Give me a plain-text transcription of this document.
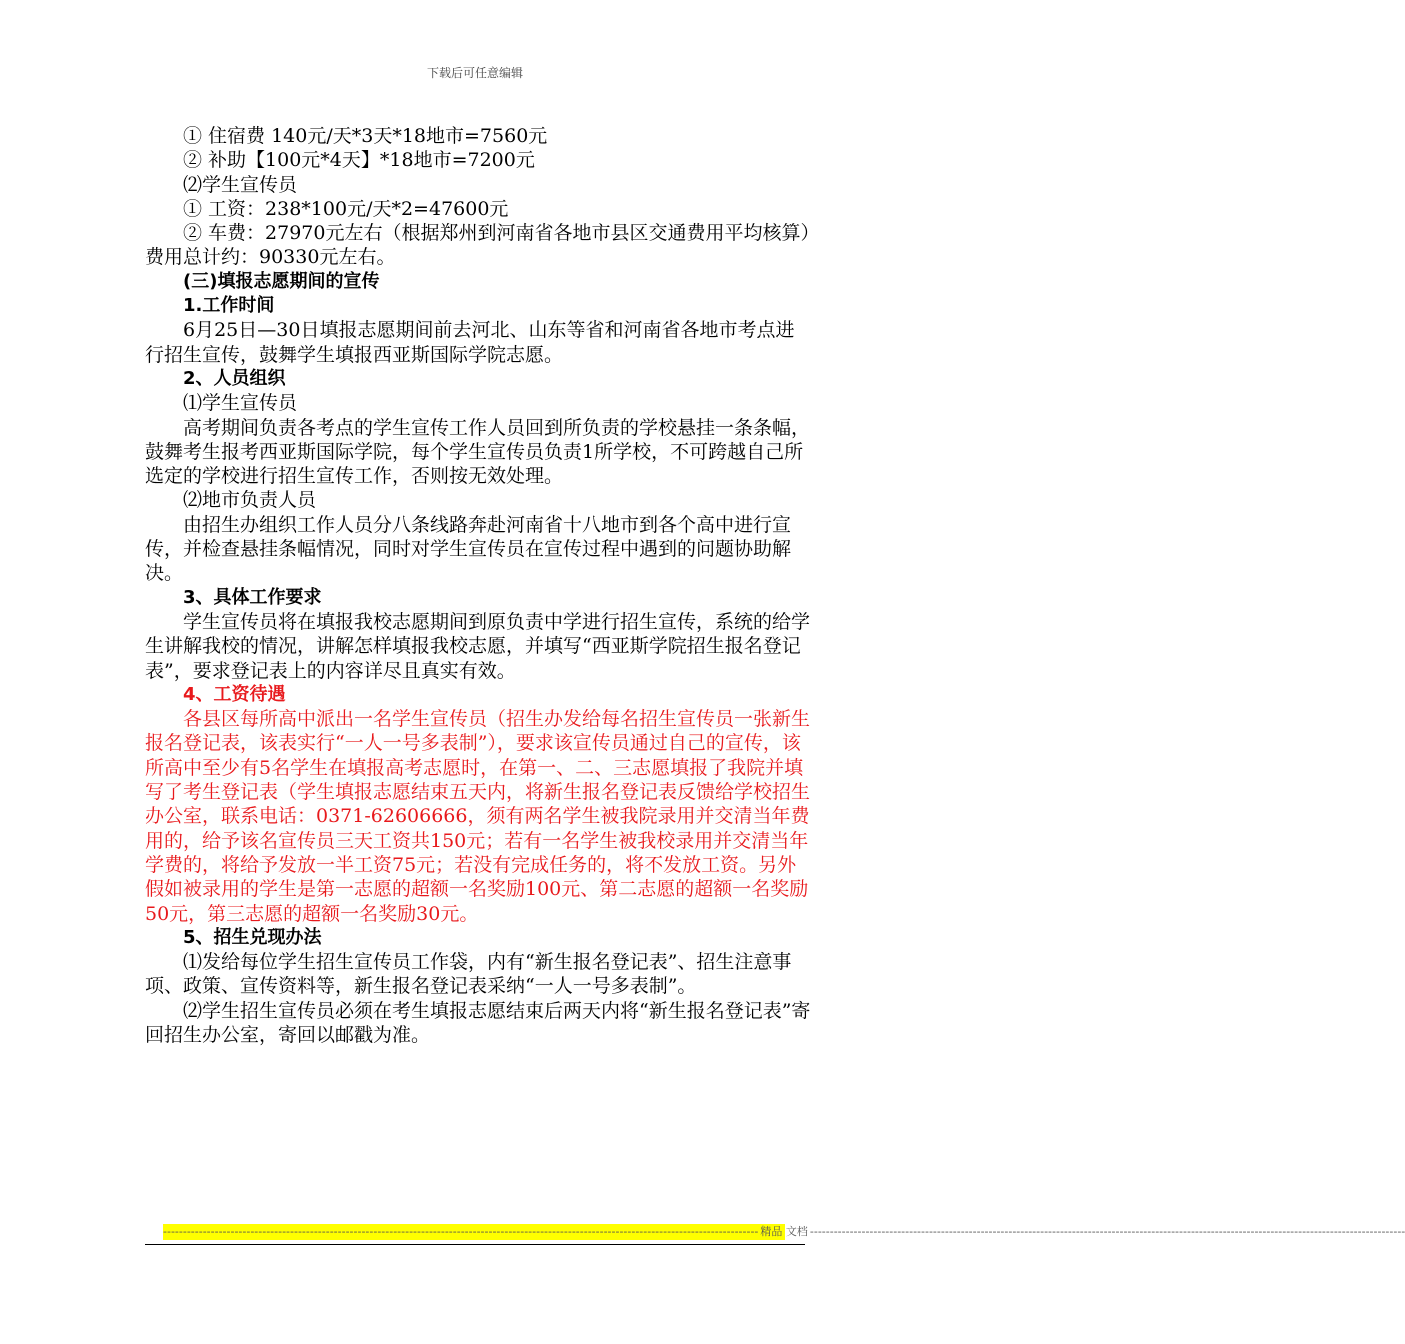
下载后可任意编辑

① 住宿费 140元/天*3天*18地市=7560元

② 补助【100元*4天】*18地市=7200元

⑵学生宣传员

① 工资：238*100元/天*2=47600元

② 车费：27970元左右（根据郑州到河南省各地市县区交通费用平均核算）

费用总计约：90330元左右。

(三)填报志愿期间的宣传

1.工作时间

6月25日—30日填报志愿期间前去河北、山东等省和河南省各地市考点进行招生宣传，鼓舞学生填报西亚斯国际学院志愿。

2、人员组织

⑴学生宣传员

高考期间负责各考点的学生宣传工作人员回到所负责的学校悬挂一条条幅，鼓舞考生报考西亚斯国际学院，每个学生宣传员负责1所学校，不可跨越自己所选定的学校进行招生宣传工作，否则按无效处理。

⑵地市负责人员

由招生办组织工作人员分八条线路奔赴河南省十八地市到各个高中进行宣传，并检查悬挂条幅情况，同时对学生宣传员在宣传过程中遇到的问题协助解决。

3、具体工作要求

学生宣传员将在填报我校志愿期间到原负责中学进行招生宣传，系统的给学生讲解我校的情况，讲解怎样填报我校志愿，并填写“西亚斯学院招生报名登记表”，要求登记表上的内容详尽且真实有效。

4、工资待遇

各县区每所高中派出一名学生宣传员（招生办发给每名招生宣传员一张新生报名登记表，该表实行“一人一号多表制”），要求该宣传员通过自己的宣传，该所高中至少有5名学生在填报高考志愿时，在第一、二、三志愿填报了我院并填写了考生登记表（学生填报志愿结束五天内，将新生报名登记表反馈给学校招生办公室，联系电话：0371-62606666，须有两名学生被我院录用并交清当年费用的，给予该名宣传员三天工资共150元；若有一名学生被我校录用并交清当年学费的，将给予发放一半工资75元；若没有完成任务的，将不发放工资。另外假如被录用的学生是第一志愿的超额一名奖励100元、第二志愿的超额一名奖励50元，第三志愿的超额一名奖励30元。

5、招生兑现办法

⑴发给每位学生招生宣传员工作袋，内有“新生报名登记表”、招生注意事项、政策、宣传资料等，新生报名登记表采纳“一人一号多表制”。

⑵学生招生宣传员必须在考生填报志愿结束后两天内将“新生报名登记表”寄回招生办公室，寄回以邮戳为准。

------------------------------------------------------------------------------------------------------------------------------------------------------ 精品 文档 ------------------------------------------------------------------------------------------------------------------------------------------------------
